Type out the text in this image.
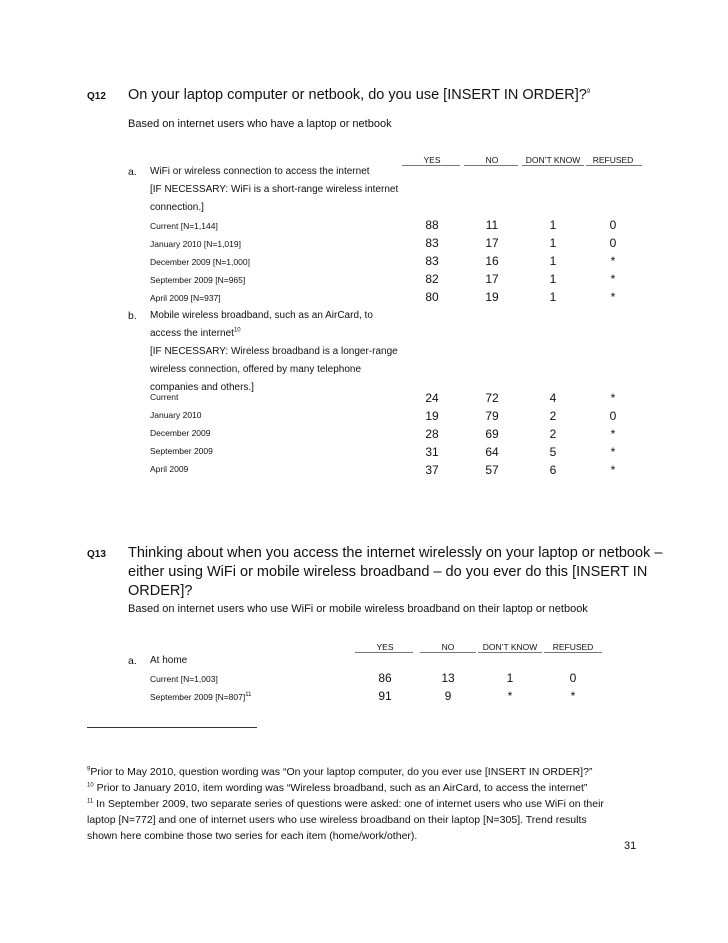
Q12 On your laptop computer or netbook, do you use [INSERT IN ORDER]?$^9$
Based on internet users who have a laptop or netbook
YES	NO	DON’T KNOW	REFUSED
a. WiFi or wireless connection to access the internet
[IF NECESSARY: WiFi is a short-range wireless internet
connection.]
Current [N=1,144]	88	11	1	0
January 2010 [N=1,019]	83	17	1	0
December 2009 [N=1,000]	83	16	1	*
September 2009 [N=965]	82	17	1	*
April 2009 [N=937]	80	19	1	*
b. Mobile wireless broadband, such as an AirCard, to
access the internet$^{10}$
[IF NECESSARY: Wireless broadband is a longer-range
wireless connection, offered by many telephone
companies and others.]
Current	24	72	4	*
January 2010	19	79	2	0
December 2009	28	69	2	*
September 2009	31	64	5	*
April 2009	37	57	6	*
Q13 Thinking about when you access the internet wirelessly on your laptop or netbook –
either using WiFi or mobile wireless broadband – do you ever do this [INSERT IN
ORDER]?
Based on internet users who use WiFi or mobile wireless broadband on their laptop or netbook
YES	NO	DON’T KNOW	REFUSED
a. At home
Current [N=1,003]	86	13	1	0
September 2009 [N=807]$^{11}$	91	9	*	*
$^9$Prior to May 2010, question wording was “On your laptop computer, do you ever use [INSERT IN ORDER]?”
$^{10}$ Prior to January 2010, item wording was “Wireless broadband, such as an AirCard, to access the internet”
$^{11}$ In September 2009, two separate series of questions were asked: one of internet users who use WiFi on their
laptop [N=772] and one of internet users who use wireless broadband on their laptop [N=305]. Trend results
shown here combine those two series for each item (home/work/other).
31
